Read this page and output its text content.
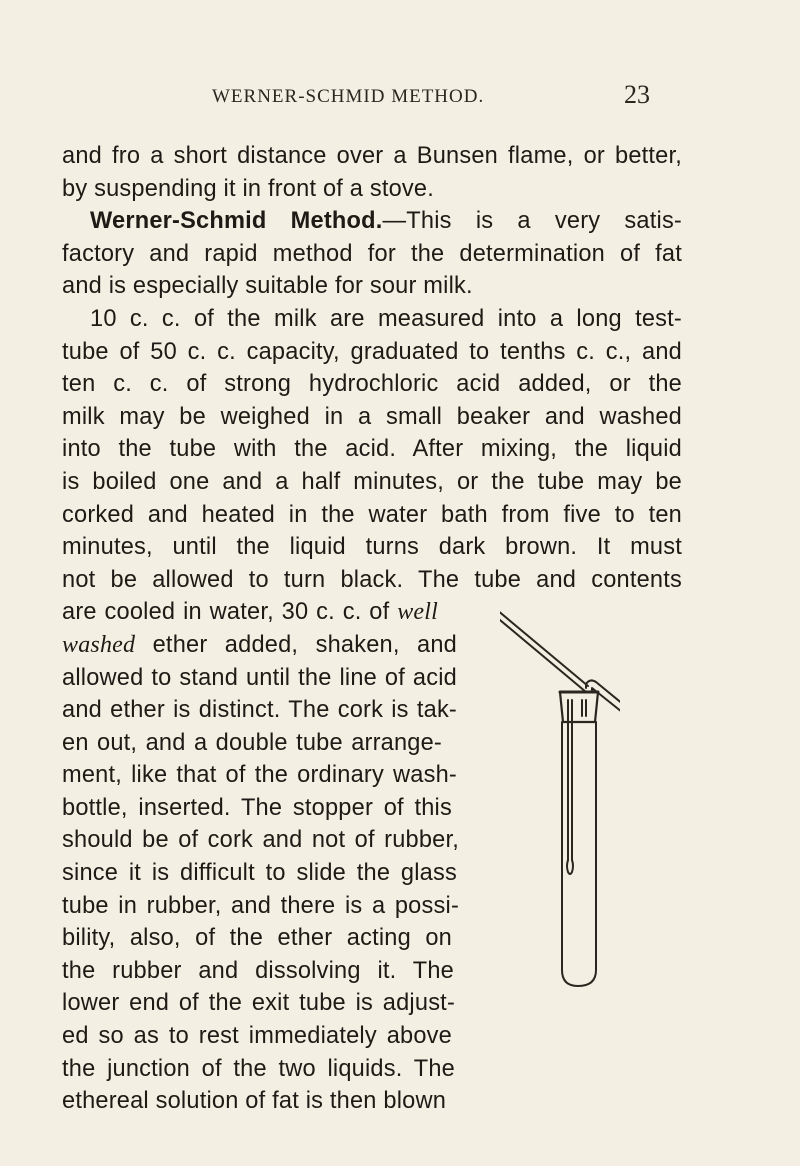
WERNER-SCHMID METHOD.	23
and fro a short distance over a Bunsen flame, or better,
by suspending it in front of a stove.
Werner-Schmid Method.—This is a very satis-
factory and rapid method for the determination of fat
and is especially suitable for sour milk.
10 c. c. of the milk are measured into a long test-
tube of 50 c. c. capacity, graduated to tenths c. c., and
ten c. c. of strong hydrochloric acid added, or the
milk may be weighed in a small beaker and washed
into the tube with the acid. After mixing, the liquid
is boiled one and a half minutes, or the tube may be
corked and heated in the water bath from five to ten
minutes, until the liquid turns dark brown. It must
not be allowed to turn black. The tube and contents
are cooled in water, 30 c. c. of well
washed ether added, shaken, and
allowed to stand until the line of acid
and ether is distinct. The cork is tak-
en out, and a double tube arrange-
ment, like that of the ordinary wash-
bottle, inserted. The stopper of this
should be of cork and not of rubber,
since it is difficult to slide the glass
tube in rubber, and there is a possi-
bility, also, of the ether acting on
the rubber and dissolving it. The
lower end of the exit tube is adjust-
ed so as to rest immediately above
the junction of the two liquids. The
ethereal solution of fat is then blown
